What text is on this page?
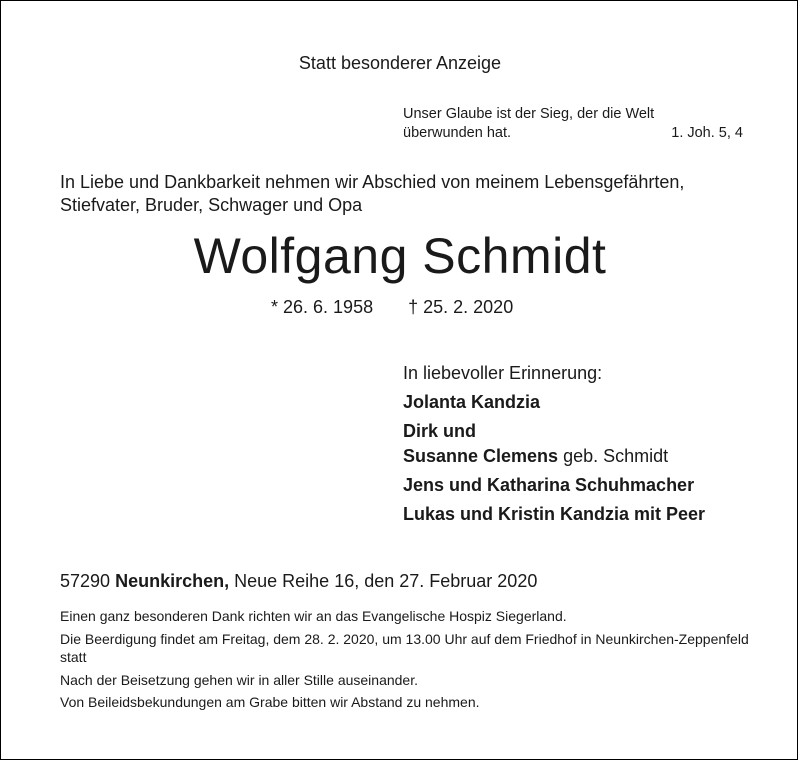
Statt besonderer Anzeige
Unser Glaube ist der Sieg, der die Welt
überwunden hat.	1. Joh. 5, 4
In Liebe und Dankbarkeit nehmen wir Abschied von meinem Lebensgefährten,
Stiefvater, Bruder, Schwager und Opa
Wolfgang Schmidt
* 26. 6. 1958 † 25. 2. 2020
In liebevoller Erinnerung:
Jolanta Kandzia
Dirk und
Susanne Clemens geb. Schmidt
Jens und Katharina Schuhmacher
Lukas und Kristin Kandzia mit Peer
57290 Neunkirchen, Neue Reihe 16, den 27. Februar 2020

Einen ganz besonderen Dank richten wir an das Evangelische Hospiz Siegerland.

Die Beerdigung findet am Freitag, dem 28. 2. 2020, um 13.00 Uhr auf dem Friedhof in Neunkirchen-Zeppenfeld statt

Nach der Beisetzung gehen wir in aller Stille auseinander.

Von Beileidsbekundungen am Grabe bitten wir Abstand zu nehmen.
